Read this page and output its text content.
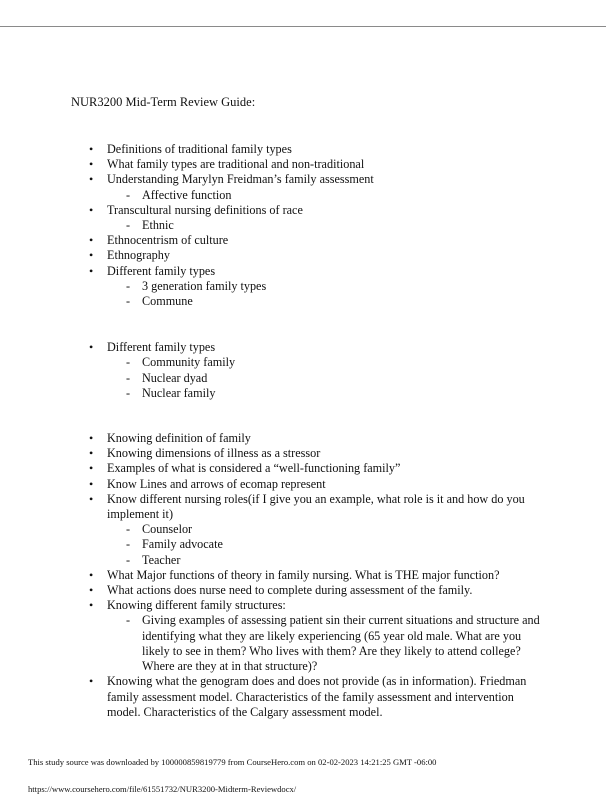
NUR3200 Mid-Term Review Guide:
• Definitions of traditional family types
• What family types are traditional and non-traditional
• Understanding Marylyn Freidman’s family assessment
- Affective function
• Transcultural nursing definitions of race
- Ethnic
• Ethnocentrism of culture
• Ethnography
• Different family types
- 3 generation family types
- Commune
• Different family types
- Community family
- Nuclear dyad
- Nuclear family
• Knowing definition of family
• Knowing dimensions of illness as a stressor
• Examples of what is considered a “well-functioning family”
• Know Lines and arrows of ecomap represent
• Know different nursing roles(if I give you an example, what role is it and how do you implement it)
- Counselor
- Family advocate
- Teacher
• What Major functions of theory in family nursing. What is THE major function?
• What actions does nurse need to complete during assessment of the family.
• Knowing different family structures:
- Giving examples of assessing patient sin their current situations and structure and identifying what they are likely experiencing (65 year old male. What are you likely to see in them? Who lives with them? Are they likely to attend college? Where are they at in that structure)?
• Knowing what the genogram does and does not provide (as in information). Friedman family assessment model. Characteristics of the family assessment and intervention model. Characteristics of the Calgary assessment model.
This study source was downloaded by 100000859819779 from CourseHero.com on 02-02-2023 14:21:25 GMT -06:00
https://www.coursehero.com/file/61551732/NUR3200-Midterm-Reviewdocx/
